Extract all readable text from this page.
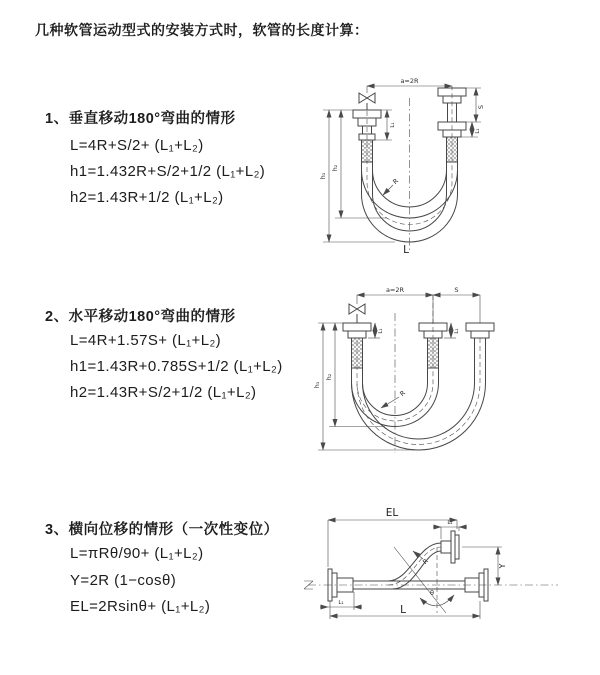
几种软管运动型式的安装方式时，软管的长度计算：
1、垂直移动180°弯曲的情形
L=4R+S/2+ (L₁+L₂)
h1=1.432R+S/2+1/2 (L₁+L₂)
h2=1.43R+1/2 (L₁+L₂)
2、水平移动180°弯曲的情形
L=4R+1.57S+ (L₁+L₂)
h1=1.43R+0.785S+1/2 (L₁+L₂)
h2=1.43R+S/2+1/2 (L₁+L₂)
3、横向位移的情形（一次性变位）
L=πRθ/90+ (L₁+L₂)
Y=2R (1−cosθ)
EL=2Rsinθ+ (L₁+L₂)
a=2R
S
L₁
L₁
h₁
h₂
R
L
a=2R	S
h₁
h₂
L₁	L₁
R
EL
L₁
Y
L
L₁
R
θ
